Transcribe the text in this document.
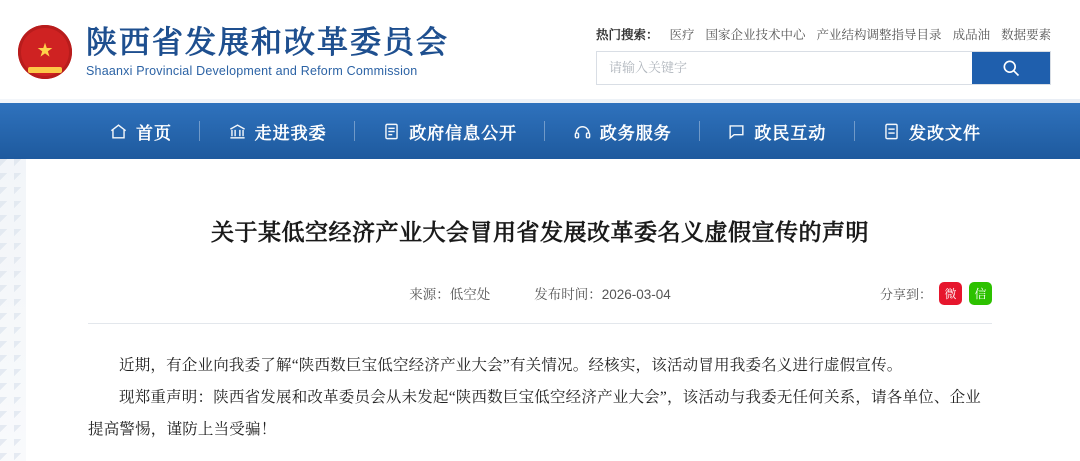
★ 陕西省发展和改革委员会
Shaanxi Provincial Development and Reform Commission
热门搜索： 医疗 国家企业技术中心 产业结构调整指导目录 成品油 数据要素
请输入关键字
首页	走进我委	政府信息公开	政务服务	政民互动	发改文件
关于某低空经济产业大会冒用省发展改革委名义虚假宣传的声明
来源：低空处	发布时间：2026-03-04	分享到：	微	信

近期，有企业向我委了解“陕西数巨宝低空经济产业大会”有关情况。经核实，该活动冒用我委名义进行虚假宣传。

现郑重声明：陕西省发展和改革委员会从未发起“陕西数巨宝低空经济产业大会”，该活动与我委无任何关系，请各单位、企业提高警惕，谨防上当受骗！
